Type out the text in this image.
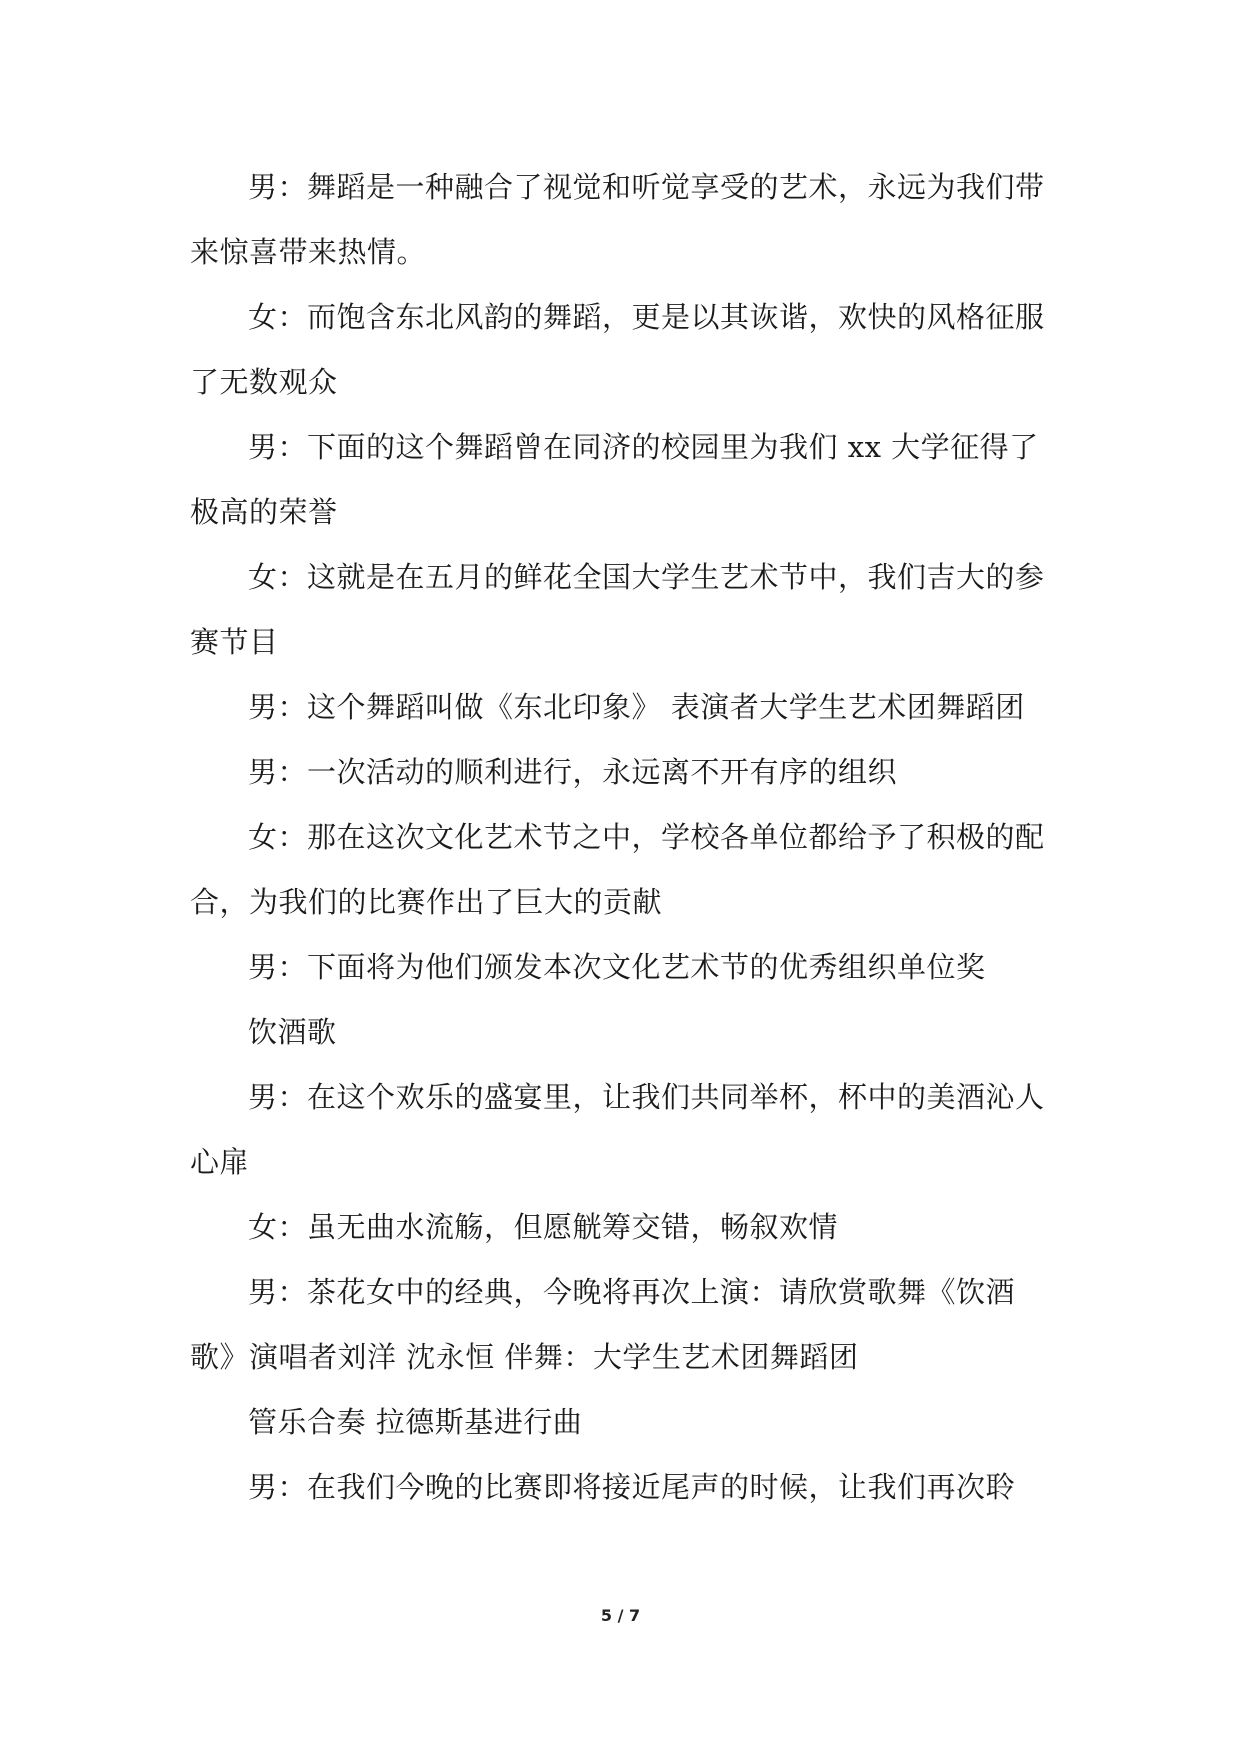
男：舞蹈是一种融合了视觉和听觉享受的艺术，永远为我们带来惊喜带来热情。

女：而饱含东北风韵的舞蹈，更是以其诙谐，欢快的风格征服了无数观众

男：下面的这个舞蹈曾在同济的校园里为我们 xx 大学征得了极高的荣誉

女：这就是在五月的鲜花全国大学生艺术节中，我们吉大的参赛节目

男：这个舞蹈叫做《东北印象》 表演者大学生艺术团舞蹈团

男：一次活动的顺利进行，永远离不开有序的组织

女：那在这次文化艺术节之中，学校各单位都给予了积极的配合，为我们的比赛作出了巨大的贡献

男：下面将为他们颁发本次文化艺术节的优秀组织单位奖

饮酒歌

男：在这个欢乐的盛宴里，让我们共同举杯，杯中的美酒沁人心扉

女：虽无曲水流觞，但愿觥筹交错，畅叙欢情

男：茶花女中的经典，今晚将再次上演：请欣赏歌舞《饮酒歌》演唱者刘洋 沈永恒 伴舞：大学生艺术团舞蹈团

管乐合奏 拉德斯基进行曲

男：在我们今晚的比赛即将接近尾声的时候，让我们再次聆

5 / 7
